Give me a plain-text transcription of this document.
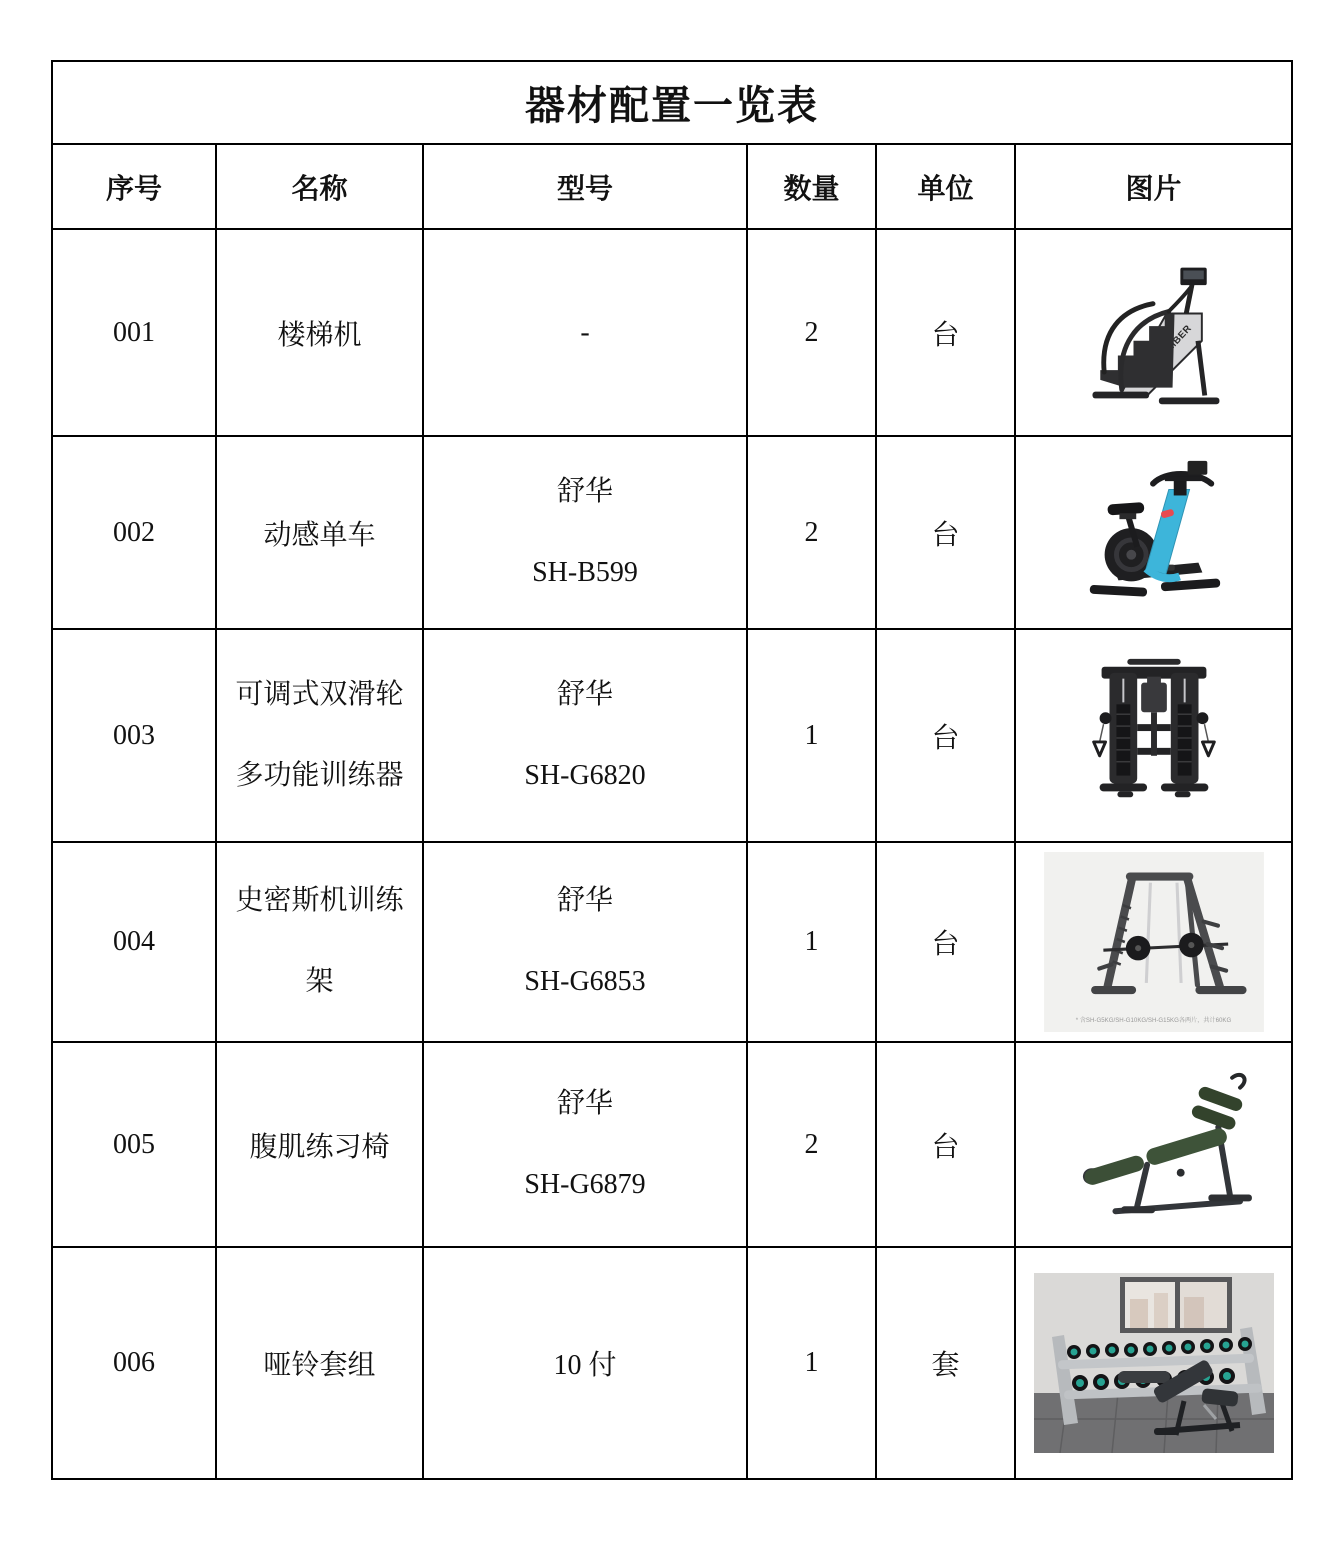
器材配置一览表					
序号	名称	型号	数量	单位	图片
001	楼梯机	-	2	台	CLIMBER

002	动感单车	舒华
SH-B599	2	台	

003	可调式双滑轮
多功能训练器	舒华
SH-G6820	1	台	

004	史密斯机训练
架	舒华
SH-G6853	1	台	* 含SH-G5KG/SH-G10KG/SH-G15KG各两片，共计60KG

005	腹肌练习椅	舒华
SH-G6879	2	台	

006	哑铃套组	10 付	1	套	
